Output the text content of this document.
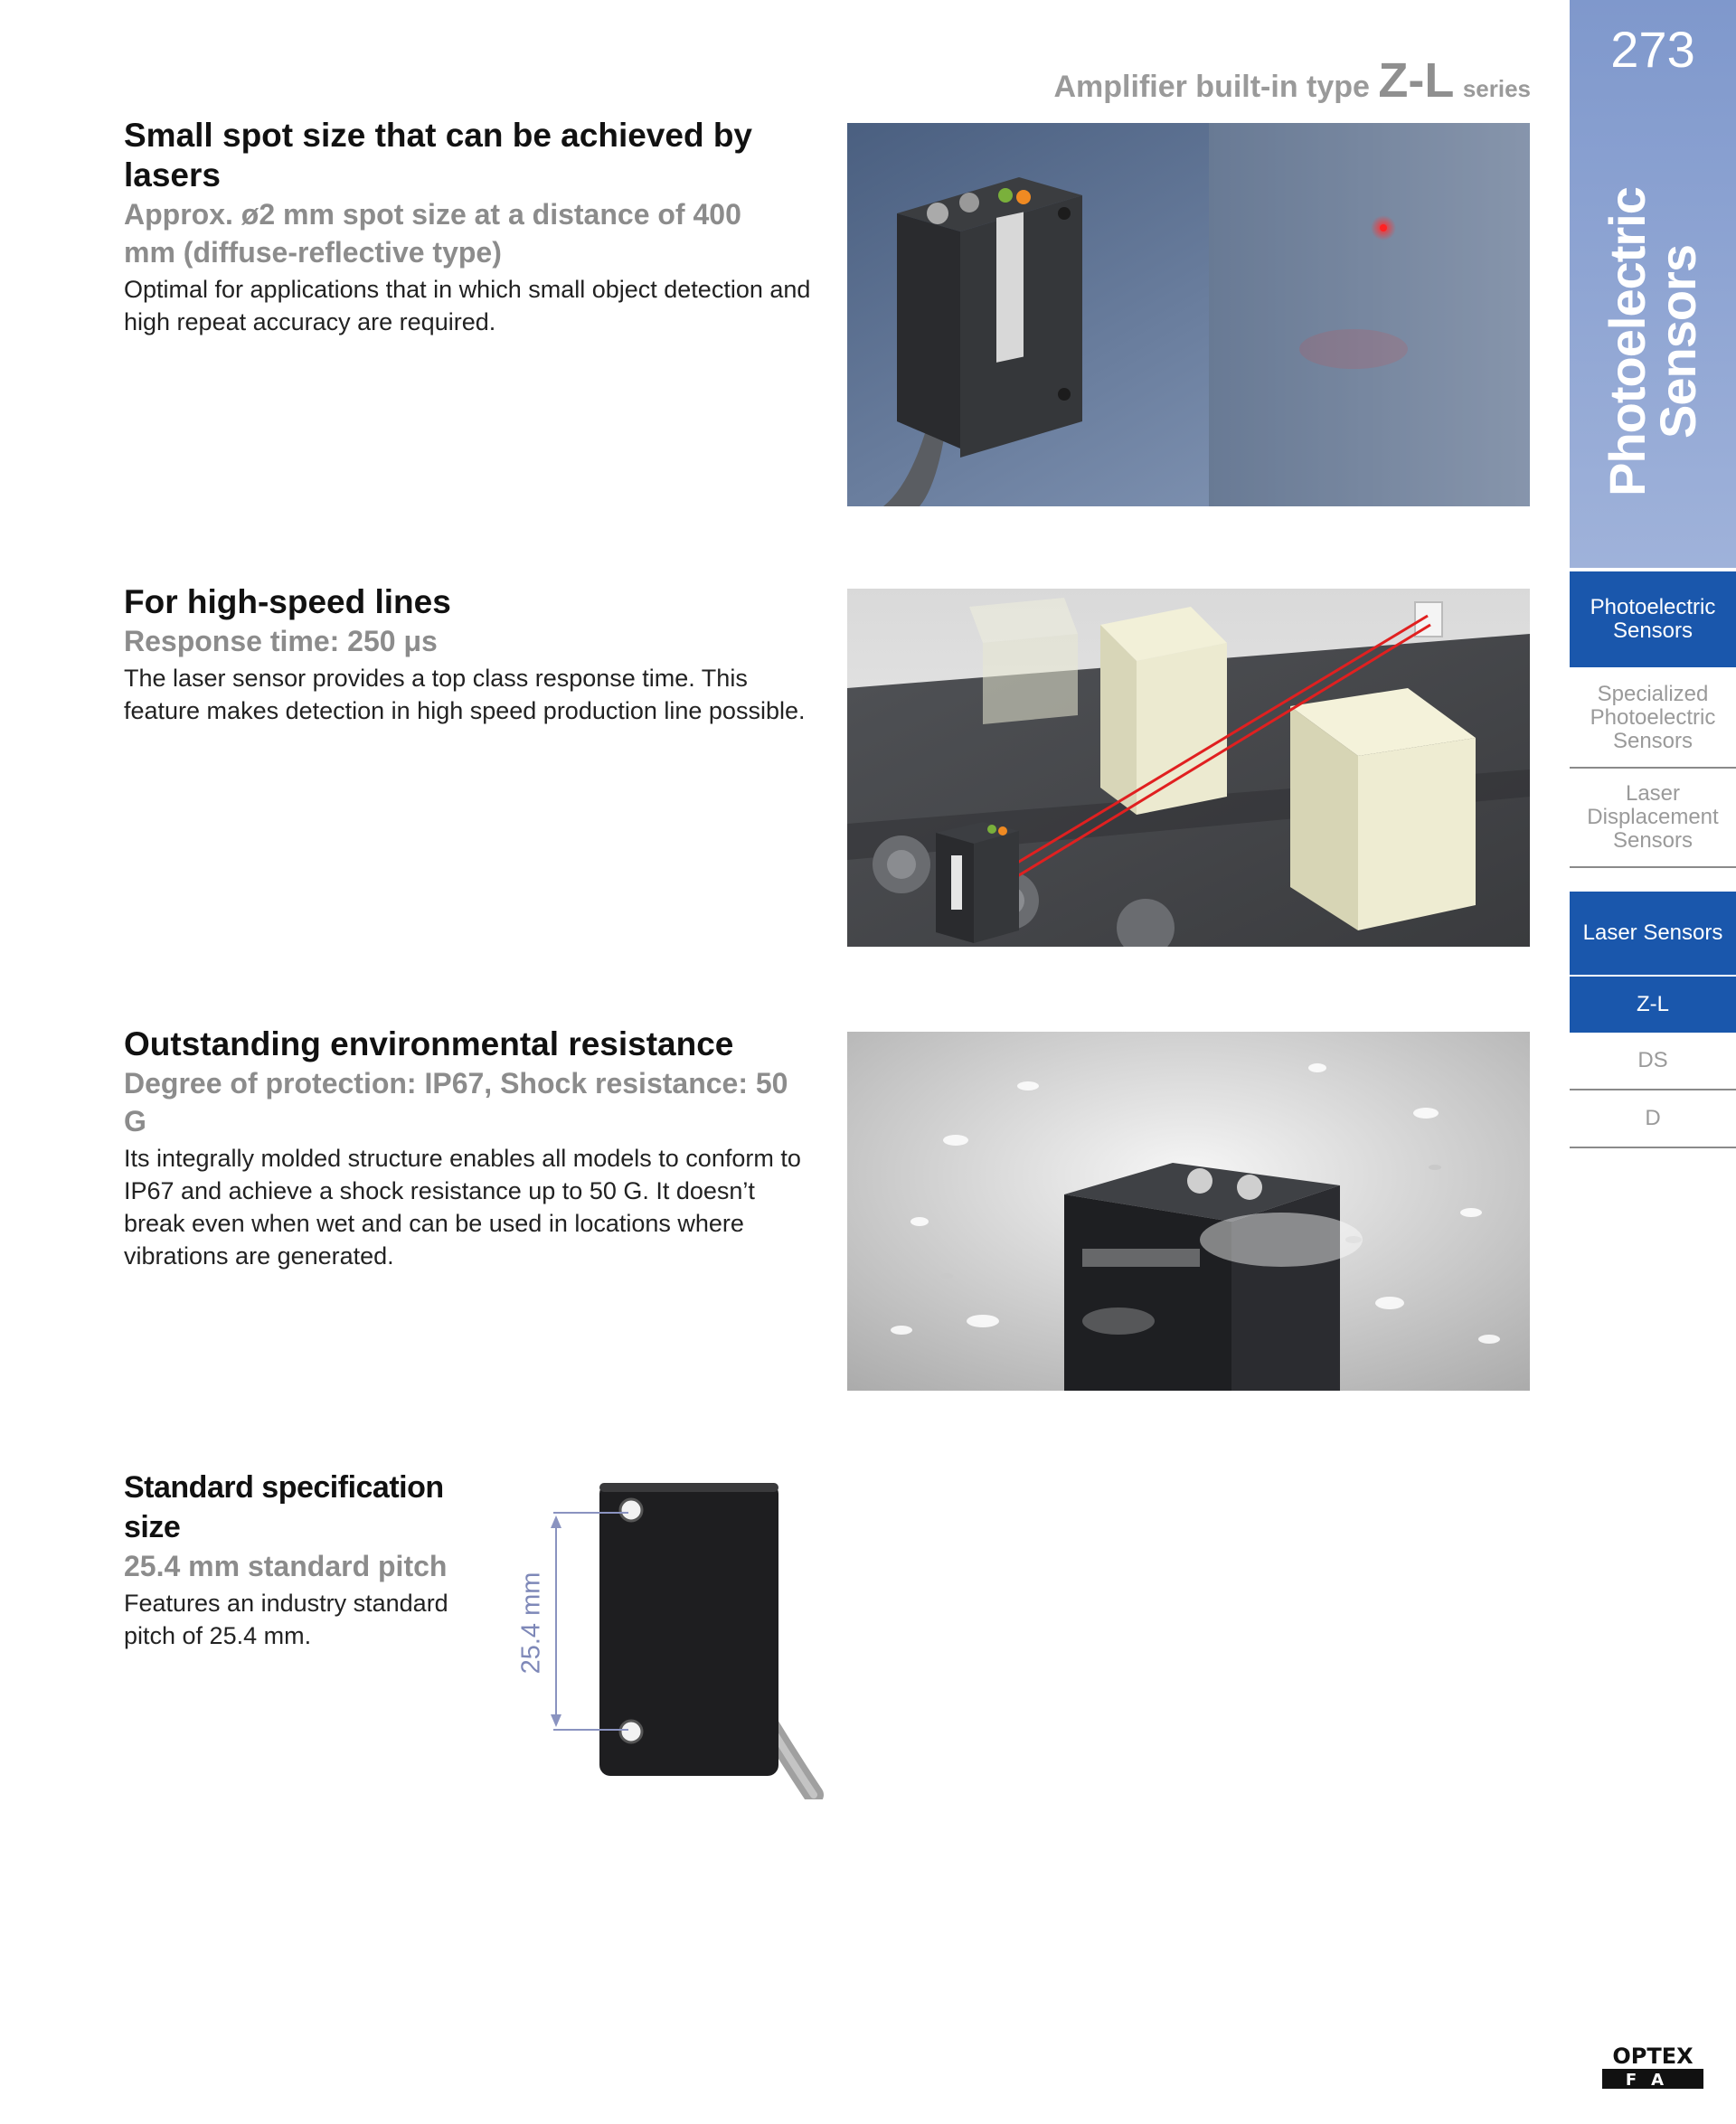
Amplifier built-in type Z-L series
Small spot size that can be achieved by lasers
Approx. ø2 mm spot size at a distance of 400 mm (diffuse-reflective type)

Optimal for applications that in which small object detection and high repeat accuracy are required.

For high-speed lines
Response time: 250 μs

The laser sensor provides a top class response time. This feature makes detection in high speed production line possible.

Outstanding environmental resistance
Degree of protection: IP67, Shock resistance: 50 G

Its integrally molded structure enables all models to conform to IP67 and achieve a shock resistance up to 50 G. It doesn’t break even when wet and can be used in locations where vibrations are generated.

Standard specification size
25.4 mm standard pitch

Features an industry standard pitch of 25.4 mm.	25.4 mm
273
Photoelectric
Sensors
Photoelectric Sensors
Specialized Photoelectric Sensors
Laser Displacement Sensors
Laser Sensors
Z-L
DS
D
OPTEX
FA
